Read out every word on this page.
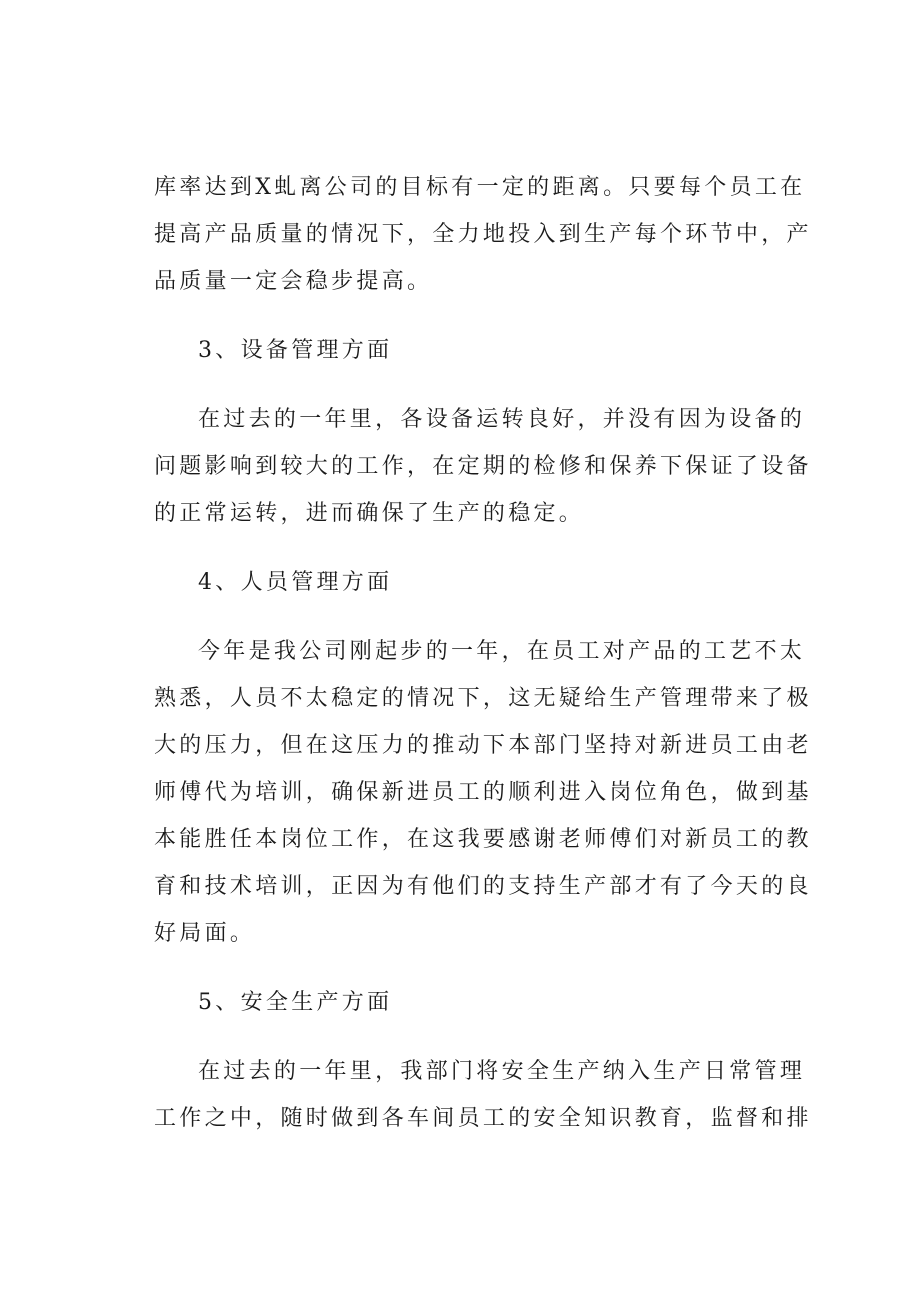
库率达到X虬离公司的目标有一定的距离。只要每个员工在
提高产品质量的情况下，全力地投入到生产每个环节中，产
品质量一定会稳步提高。
3、设备管理方面
在过去的一年里，各设备运转良好，并没有因为设备的
问题影响到较大的工作，在定期的检修和保养下保证了设备
的正常运转，进而确保了生产的稳定。
4、人员管理方面
今年是我公司刚起步的一年，在员工对产品的工艺不太
熟悉，人员不太稳定的情况下，这无疑给生产管理带来了极
大的压力，但在这压力的推动下本部门坚持对新进员工由老
师傅代为培训，确保新进员工的顺利进入岗位角色，做到基
本能胜任本岗位工作，在这我要感谢老师傅们对新员工的教
育和技术培训，正因为有他们的支持生产部才有了今天的良
好局面。
5、安全生产方面
在过去的一年里，我部门将安全生产纳入生产日常管理
工作之中，随时做到各车间员工的安全知识教育，监督和排
